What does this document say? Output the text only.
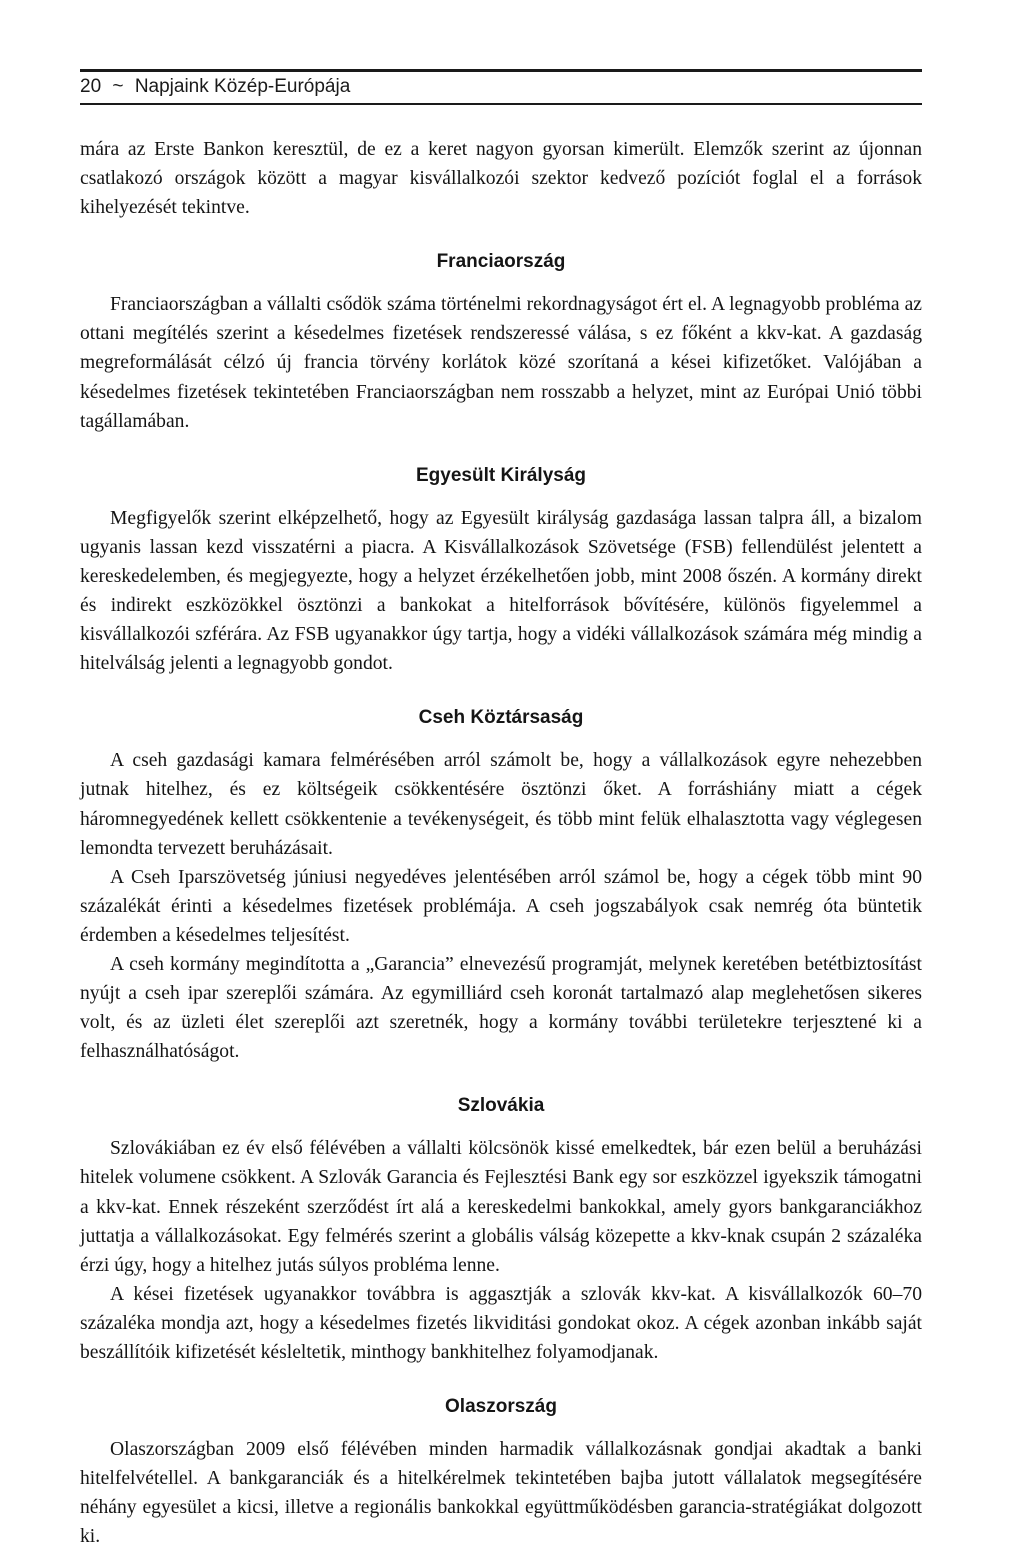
20 ~ Napjaink Közép-Európája

mára az Erste Bankon keresztül, de ez a keret nagyon gyorsan kimerült. Elemzők szerint az újonnan csatlakozó országok között a magyar kisvállalkozói szektor kedvező pozíciót foglal el a források kihelyezését tekintve.

Franciaország

Franciaországban a vállalti csődök száma történelmi rekordnagyságot ért el. A legnagyobb probléma az ottani megítélés szerint a késedelmes fizetések rendszeressé válása, s ez főként a kkv-kat. A gazdaság megreformálását célzó új francia törvény korlátok közé szorítaná a kései kifizetőket. Valójában a késedelmes fizetések tekintetében Franciaországban nem rosszabb a helyzet, mint az Európai Unió többi tagállamában.

Egyesült Királyság

Megfigyelők szerint elképzelhető, hogy az Egyesült királyság gazdasága lassan talpra áll, a bizalom ugyanis lassan kezd visszatérni a piacra. A Kisvállalkozások Szövetsége (FSB) fellendülést jelentett a kereskedelemben, és megjegyezte, hogy a helyzet érzékelhetően jobb, mint 2008 őszén. A kormány direkt és indirekt eszközökkel ösztönzi a bankokat a hitelforrások bővítésére, különös figyelemmel a kisvállalkozói szférára. Az FSB ugyanakkor úgy tartja, hogy a vidéki vállalkozások számára még mindig a hitelválság jelenti a legnagyobb gondot.

Cseh Köztársaság

A cseh gazdasági kamara felmérésében arról számolt be, hogy a vállalkozások egyre nehezebben jutnak hitelhez, és ez költségeik csökkentésére ösztönzi őket. A forráshiány miatt a cégek háromnegyedének kellett csökkentenie a tevékenységeit, és több mint felük elhalasztotta vagy véglegesen lemondta tervezett beruházásait.

A Cseh Iparszövetség júniusi negyedéves jelentésében arról számol be, hogy a cégek több mint 90 százalékát érinti a késedelmes fizetések problémája. A cseh jogszabályok csak nemrég óta büntetik érdemben a késedelmes teljesítést.

A cseh kormány megindította a „Garancia” elnevezésű programját, melynek keretében betétbiztosítást nyújt a cseh ipar szereplői számára. Az egymilliárd cseh koronát tartalmazó alap meglehetősen sikeres volt, és az üzleti élet szereplői azt szeretnék, hogy a kormány további területekre terjesztené ki a felhasználhatóságot.

Szlovákia

Szlovákiában ez év első félévében a vállalti kölcsönök kissé emelkedtek, bár ezen belül a beruházási hitelek volumene csökkent. A Szlovák Garancia és Fejlesztési Bank egy sor eszközzel igyekszik támogatni a kkv-kat. Ennek részeként szerződést írt alá a kereskedelmi bankokkal, amely gyors bankgaranciákhoz juttatja a vállalkozásokat. Egy felmérés szerint a globális válság közepette a kkv-knak csupán 2 százaléka érzi úgy, hogy a hitelhez jutás súlyos probléma lenne.

A kései fizetések ugyanakkor továbbra is aggasztják a szlovák kkv-kat. A kisvállalkozók 60–70 százaléka mondja azt, hogy a késedelmes fizetés likviditási gondokat okoz. A cégek azonban inkább saját beszállítóik kifizetését késleltetik, minthogy bankhitelhez folyamodjanak.

Olaszország

Olaszországban 2009 első félévében minden harmadik vállalkozásnak gondjai akadtak a banki hitelfelvétellel. A bankgaranciák és a hitelkérelmek tekintetében bajba jutott vállalatok megsegítésére néhány egyesület a kicsi, illetve a regionális bankokkal együttműködésben garancia-stratégiákat dolgozott ki.
